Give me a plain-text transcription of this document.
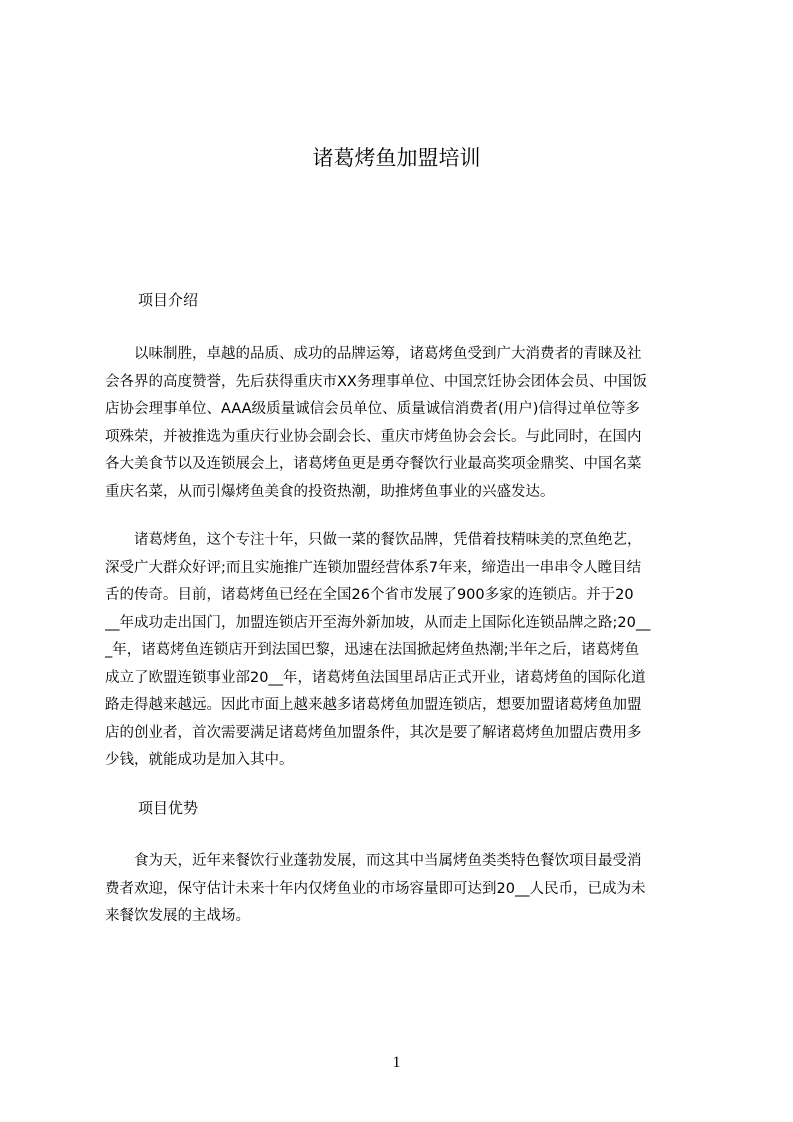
诸葛烤鱼加盟培训
项目介绍
　　以味制胜，卓越的品质、成功的品牌运筹，诸葛烤鱼受到广大消费者的青睐及社
会各界的高度赞誉，先后获得重庆市XX务理事单位、中国烹饪协会团体会员、中国饭
店协会理事单位、AAA级质量诚信会员单位、质量诚信消费者(用户)信得过单位等多
项殊荣，并被推选为重庆行业协会副会长、重庆市烤鱼协会会长。与此同时，在国内
各大美食节以及连锁展会上，诸葛烤鱼更是勇夺餐饮行业最高奖项金鼎奖、中国名菜
重庆名菜，从而引爆烤鱼美食的投资热潮，助推烤鱼事业的兴盛发达。
　　诸葛烤鱼，这个专注十年，只做一菜的餐饮品牌，凭借着技精味美的烹鱼绝艺，
深受广大群众好评;而且实施推广连锁加盟经营体系7年来，缔造出一串串令人瞠目结
舌的传奇。目前，诸葛烤鱼已经在全国26个省市发展了900多家的连锁店。并于20
__年成功走出国门，加盟连锁店开至海外新加坡，从而走上国际化连锁品牌之路;20__
_年，诸葛烤鱼连锁店开到法国巴黎，迅速在法国掀起烤鱼热潮;半年之后，诸葛烤鱼
成立了欧盟连锁事业部20__年，诸葛烤鱼法国里昂店正式开业，诸葛烤鱼的国际化道
路走得越来越远。因此市面上越来越多诸葛烤鱼加盟连锁店，想要加盟诸葛烤鱼加盟
店的创业者，首次需要满足诸葛烤鱼加盟条件，其次是要了解诸葛烤鱼加盟店费用多
少钱，就能成功是加入其中。
项目优势
　　食为天，近年来餐饮行业蓬勃发展，而这其中当属烤鱼类类特色餐饮项目最受消
费者欢迎，保守估计未来十年内仅烤鱼业的市场容量即可达到20__人民币，已成为未
来餐饮发展的主战场。
1
